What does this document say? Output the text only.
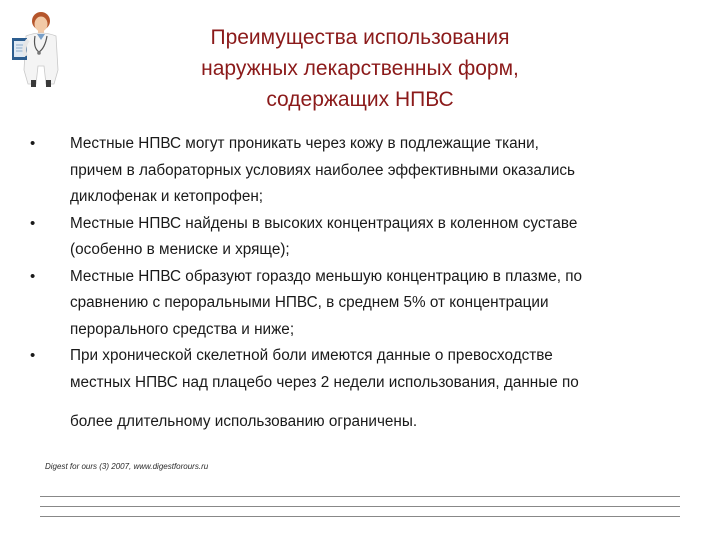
Преимущества использования
наружных лекарственных форм,
содержащих НПВС
•	Местные НПВС могут проникать через кожу в подлежащие ткани,
причем в лабораторных условиях наиболее эффективными оказались
диклофенак и кетопрофен;
•	Местные НПВС найдены в высоких концентрациях в коленном суставе
(особенно в мениске и хряще);
•	Местные НПВС образуют гораздо меньшую концентрацию в плазме, по
сравнению с пероральными НПВС, в среднем 5% от концентрации
перорального средства и ниже;
•	При хронической скелетной боли имеются данные о превосходстве
местных НПВС над плацебо через 2 недели использования, данные по
более длительному использованию ограничены.
Digest for ours (3) 2007, www.digestforours.ru
